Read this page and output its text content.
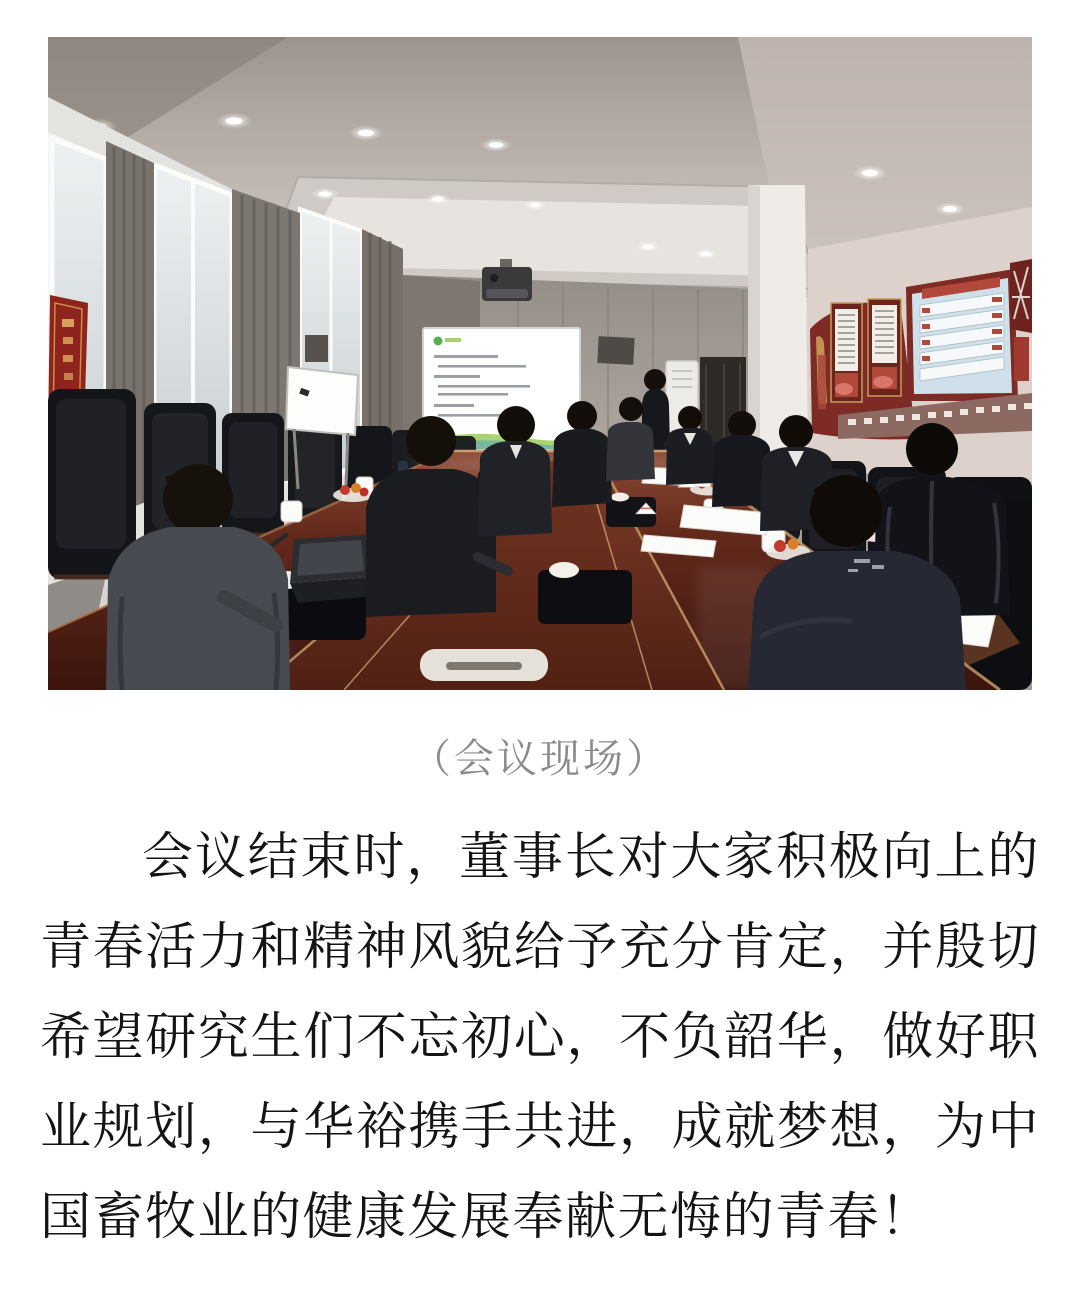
（会议现场）

会议结束时，董事长对大家积极向上的青春活力和精神风貌给予充分肯定，并殷切希望研究生们不忘初心，不负韶华，做好职业规划，与华裕携手共进，成就梦想，为中国畜牧业的健康发展奉献无悔的青春！
